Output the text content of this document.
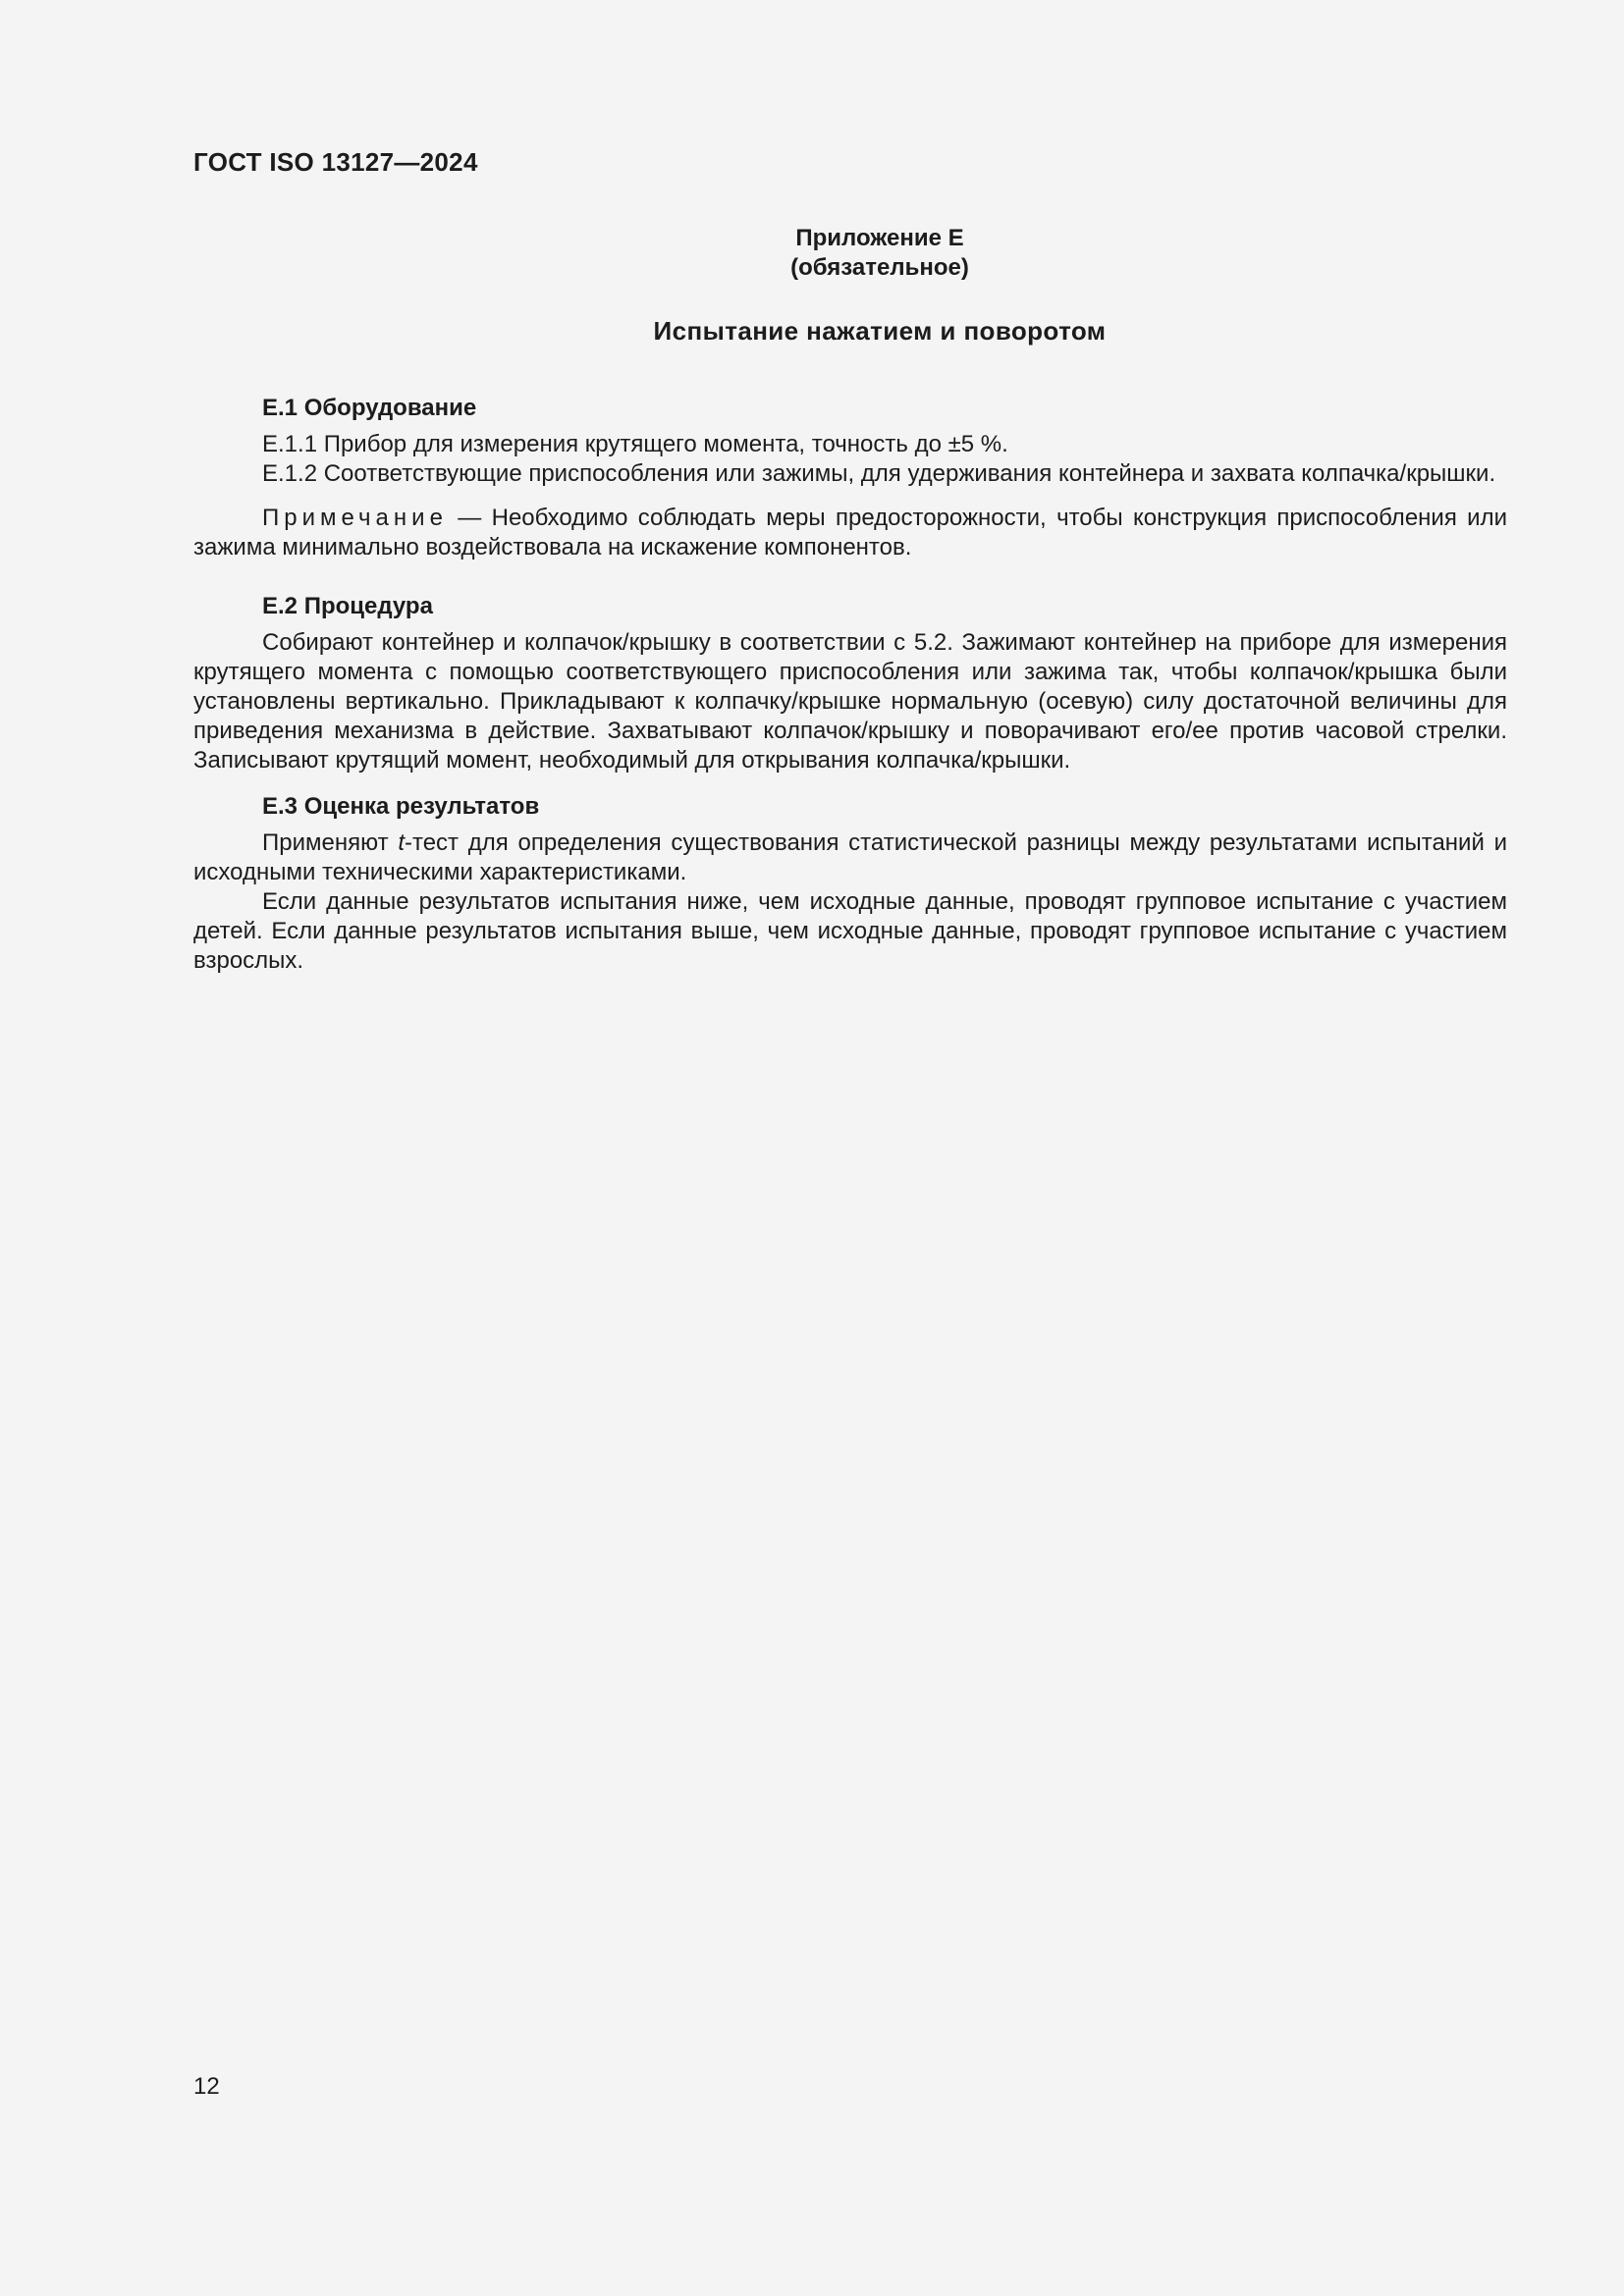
ГОСТ ISO 13127—2024
Приложение Е
(обязательное)
Испытание нажатием и поворотом
Е.1 Оборудование

Е.1.1 Прибор для измерения крутящего момента, точность до ±5 %.

Е.1.2 Соответствующие приспособления или зажимы, для удерживания контейнера и захвата колпачка/крышки.

Примечание — Необходимо соблюдать меры предосторожности, чтобы конструкция приспособления или зажима минимально воздействовала на искажение компонентов.

Е.2 Процедура

Собирают контейнер и колпачок/крышку в соответствии с 5.2. Зажимают контейнер на приборе для измерения крутящего момента с помощью соответствующего приспособления или зажима так, чтобы колпачок/крышка были установлены вертикально. Прикладывают к колпачку/крышке нормальную (осевую) силу достаточной величины для приведения механизма в действие. Захватывают колпачок/крышку и поворачивают его/ее против часовой стрелки. Записывают крутящий момент, необходимый для открывания колпачка/крышки.

Е.3 Оценка результатов

Применяют t-тест для определения существования статистической разницы между результатами испытаний и исходными техническими характеристиками.

Если данные результатов испытания ниже, чем исходные данные, проводят групповое испытание с участием детей. Если данные результатов испытания выше, чем исходные данные, проводят групповое испытание с участием взрослых.

12
